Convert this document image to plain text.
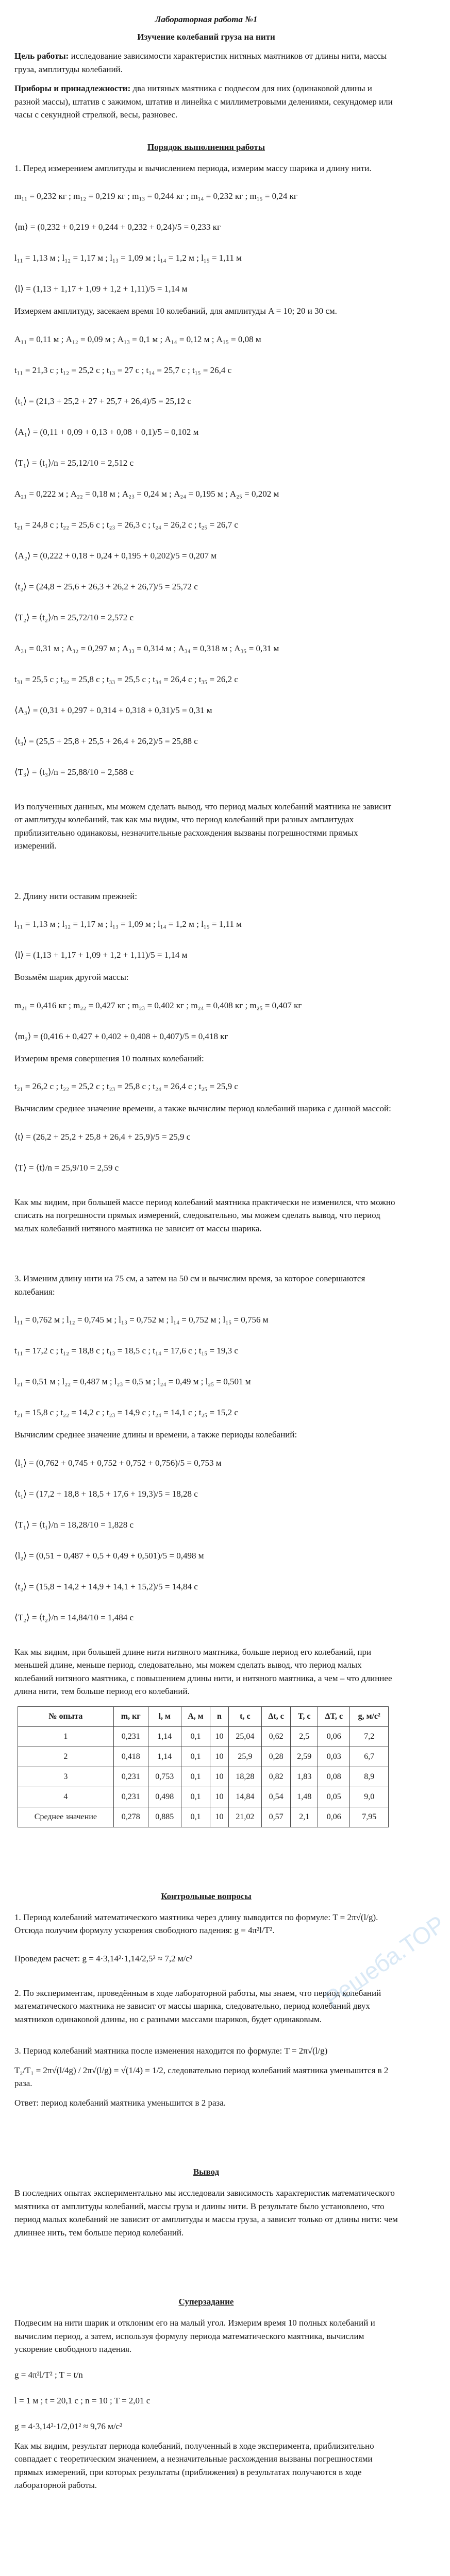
Лабораторная работа №1
Изучение колебаний груза на нити

Цель работы: исследование зависимости характеристик нитяных маятников от длины нити, массы груза, амплитуды колебаний.

Приборы и принадлежности: два нитяных маятника с подвесом для них (одинаковой длины и разной массы), штатив с зажимом, штатив и линейка с миллиметровыми делениями, секундомер или часы с секундной стрелкой, весы, разновес.

Порядок выполнения работы

1. Перед измерением амплитуды и вычислением периода, измерим массу шарика и длину нити.

m₁₁ = 0,232 кг ; m₁₂ = 0,219 кг ; m₁₃ = 0,244 кг ; m₁₄ = 0,232 кг ; m₁₅ = 0,24 кг

⟨m⟩ = (0,232 + 0,219 + 0,244 + 0,232 + 0,24)/5 = 0,233 кг

l₁₁ = 1,13 м ; l₁₂ = 1,17 м ; l₁₃ = 1,09 м ; l₁₄ = 1,2 м ; l₁₅ = 1,11 м

⟨l⟩ = (1,13 + 1,17 + 1,09 + 1,2 + 1,11)/5 = 1,14 м

Измеряем амплитуду, засекаем время 10 колебаний, для амплитуды A = 10; 20 и 30 см.

A₁₁ = 0,11 м ; A₁₂ = 0,09 м ; A₁₃ = 0,1 м ; A₁₄ = 0,12 м ; A₁₅ = 0,08 м

t₁₁ = 21,3 с ; t₁₂ = 25,2 с ; t₁₃ = 27 с ; t₁₄ = 25,7 с ; t₁₅ = 26,4 с

⟨t₁⟩ = (21,3 + 25,2 + 27 + 25,7 + 26,4)/5 = 25,12 с

⟨A₁⟩ = (0,11 + 0,09 + 0,13 + 0,08 + 0,1)/5 = 0,102 м

⟨T₁⟩ = ⟨t₁⟩/n = 25,12/10 = 2,512 с

A₂₁ = 0,222 м ; A₂₂ = 0,18 м ; A₂₃ = 0,24 м ; A₂₄ = 0,195 м ; A₂₅ = 0,202 м

t₂₁ = 24,8 с ; t₂₂ = 25,6 с ; t₂₃ = 26,3 с ; t₂₄ = 26,2 с ; t₂₅ = 26,7 с

⟨A₂⟩ = (0,222 + 0,18 + 0,24 + 0,195 + 0,202)/5 = 0,207 м

⟨t₂⟩ = (24,8 + 25,6 + 26,3 + 26,2 + 26,7)/5 = 25,72 с

⟨T₂⟩ = ⟨t₂⟩/n = 25,72/10 = 2,572 с

A₃₁ = 0,31 м ; A₃₂ = 0,297 м ; A₃₃ = 0,314 м ; A₃₄ = 0,318 м ; A₃₅ = 0,31 м

t₃₁ = 25,5 с ; t₃₂ = 25,8 с ; t₃₃ = 25,5 с ; t₃₄ = 26,4 с ; t₃₅ = 26,2 с

⟨A₃⟩ = (0,31 + 0,297 + 0,314 + 0,318 + 0,31)/5 = 0,31 м

⟨t₃⟩ = (25,5 + 25,8 + 25,5 + 26,4 + 26,2)/5 = 25,88 с

⟨T₃⟩ = ⟨t₃⟩/n = 25,88/10 = 2,588 с

Из полученных данных, мы можем сделать вывод, что период малых колебаний маятника не зависит от амплитуды колебаний, так как мы видим, что период колебаний при разных амплитудах приблизительно одинаковы, незначительные расхождения вызваны погрешностями прямых измерений.

2. Длину нити оставим прежней:

l₁₁ = 1,13 м ; l₁₂ = 1,17 м ; l₁₃ = 1,09 м ; l₁₄ = 1,2 м ; l₁₅ = 1,11 м

⟨l⟩ = (1,13 + 1,17 + 1,09 + 1,2 + 1,11)/5 = 1,14 м

Возьмём шарик другой массы:

m₂₁ = 0,416 кг ; m₂₂ = 0,427 кг ; m₂₃ = 0,402 кг ; m₂₄ = 0,408 кг ; m₂₅ = 0,407 кг

⟨m₂⟩ = (0,416 + 0,427 + 0,402 + 0,408 + 0,407)/5 = 0,418 кг

Измерим время совершения 10 полных колебаний:

t₂₁ = 26,2 с ; t₂₂ = 25,2 с ; t₂₃ = 25,8 с ; t₂₄ = 26,4 с ; t₂₅ = 25,9 с

Вычислим среднее значение времени, а также вычислим период колебаний шарика с данной массой:

⟨t⟩ = (26,2 + 25,2 + 25,8 + 26,4 + 25,9)/5 = 25,9 с

⟨T⟩ = ⟨t⟩/n = 25,9/10 = 2,59 с

Как мы видим, при большей массе период колебаний маятника практически не изменился, что можно списать на погрешности прямых измерений, следовательно, мы можем сделать вывод, что период малых колебаний нитяного маятника не зависит от массы шарика.

3. Изменим длину нити на 75 см, а затем на 50 см и вычислим время, за которое совершаются колебания:

l₁₁ = 0,762 м ; l₁₂ = 0,745 м ; l₁₃ = 0,752 м ; l₁₄ = 0,752 м ; l₁₅ = 0,756 м

t₁₁ = 17,2 с ; t₁₂ = 18,8 с ; t₁₃ = 18,5 с ; t₁₄ = 17,6 с ; t₁₅ = 19,3 с

l₂₁ = 0,51 м ; l₂₂ = 0,487 м ; l₂₃ = 0,5 м ; l₂₄ = 0,49 м ; l₂₅ = 0,501 м

t₂₁ = 15,8 с ; t₂₂ = 14,2 с ; t₂₃ = 14,9 с ; t₂₄ = 14,1 с ; t₂₅ = 15,2 с

Вычислим среднее значение длины и времени, а также периоды колебаний:

⟨l₁⟩ = (0,762 + 0,745 + 0,752 + 0,752 + 0,756)/5 = 0,753 м

⟨t₁⟩ = (17,2 + 18,8 + 18,5 + 17,6 + 19,3)/5 = 18,28 с

⟨T₁⟩ = ⟨t₁⟩/n = 18,28/10 = 1,828 с

⟨l₂⟩ = (0,51 + 0,487 + 0,5 + 0,49 + 0,501)/5 = 0,498 м

⟨t₂⟩ = (15,8 + 14,2 + 14,9 + 14,1 + 15,2)/5 = 14,84 с

⟨T₂⟩ = ⟨t₂⟩/n = 14,84/10 = 1,484 с

Как мы видим, при большей длине нити нитяного маятника, больше период его колебаний, при меньшей длине, меньше период, следовательно, мы можем сделать вывод, что период малых колебаний нитяного маятника, с повышением длины нити, и нитяного маятника, а чем – что длиннее длина нити, тем больше период его колебаний.

№ опыта	m, кг	l, м	A, м	n	t, с	Δt, с	T, с	ΔT, с	g, м/с²
1	0,231	1,14	0,1	10	25,04	0,62	2,5	0,06	7,2
2	0,418	1,14	0,1	10	25,9	0,28	2,59	0,03	6,7
3	0,231	0,753	0,1	10	18,28	0,82	1,83	0,08	8,9
4	0,231	0,498	0,1	10	14,84	0,54	1,48	0,05	9,0
Среднее значение	0,278	0,885	0,1	10	21,02	0,57	2,1	0,06	7,95
Контрольные вопросы

1. Период колебаний математического маятника через длину выводится по формуле: T = 2π√(l/g). Отсюда получим формулу ускорения свободного падения: g = 4π²l/T².

Проведем расчет: g = 4·3,14²·1,14/2,5² ≈ 7,2 м/с²

2. По экспериментам, проведённым в ходе лабораторной работы, мы знаем, что период колебаний математического маятника не зависит от массы шарика, следовательно, период колебаний двух маятников одинаковой длины, но с разными массами шариков, будет одинаковым.

3. Период колебаний маятника после изменения находится по формуле: T = 2π√(l/g)

T₂/T₁ = 2π√(l/4g) / 2π√(l/g) = √(1/4) = 1/2, следовательно период колебаний маятника уменьшится в 2 раза.

Ответ: период колебаний маятника уменьшится в 2 раза.

Вывод

В последних опытах экспериментально мы исследовали зависимость характеристик математического маятника от амплитуды колебаний, массы груза и длины нити. В результате было установлено, что период малых колебаний не зависит от амплитуды и массы груза, а зависит только от длины нити: чем длиннее нить, тем больше период колебаний.

Суперзадание

Подвесим на нити шарик и отклоним его на малый угол. Измерим время 10 полных колебаний и вычислим период, а затем, используя формулу периода математического маятника, вычислим ускорение свободного падения.

g = 4π²l/T² ; T = t/n

l = 1 м ; t = 20,1 с ; n = 10 ; T = 2,01 с

g = 4·3,14²·1/2,01² ≈ 9,76 м/с²

Как мы видим, результат периода колебаний, полученный в ходе эксперимента, приблизительно совпадает с теоретическим значением, а незначительные расхождения вызваны погрешностями прямых измерений, при которых результаты (приближения) в результатах получаются в ходе лабораторной работы.

Решеба.ТОР
